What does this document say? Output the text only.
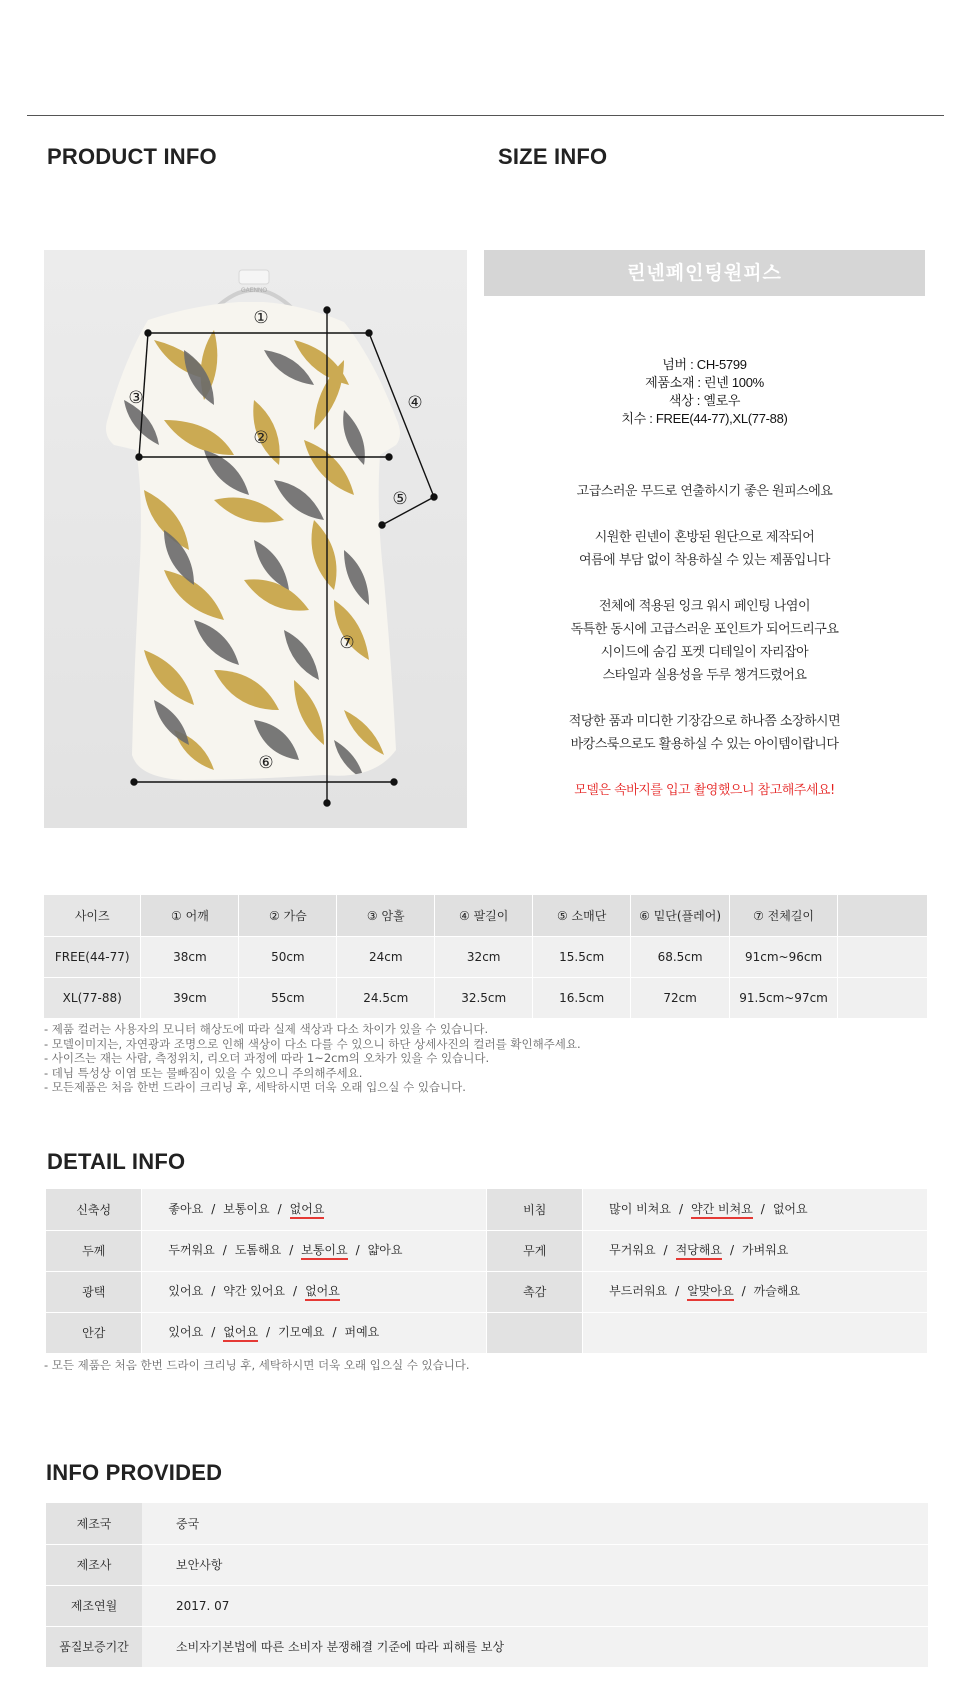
PRODUCT INFO	SIZE INFO
GAENNO
①
②
③	④
⑤
⑥
⑦
린넨페인팅원피스
넘버 : CH-5799
제품소재 : 린넨 100%
색상 : 옐로우
치수 : FREE(44-77),XL(77-88)

고급스러운 무드로 연출하시기 좋은 원피스에요

시원한 린넨이 혼방된 원단으로 제작되어

여름에 부담 없이 착용하실 수 있는 제품입니다

전체에 적용된 잉크 워시 페인팅 나염이

독특한 동시에 고급스러운 포인트가 되어드리구요

시이드에 숨김 포켓 디테일이 자리잡아

스타일과 실용성을 두루 챙겨드렸어요

적당한 품과 미디한 기장감으로 하나쯤 소장하시면

바캉스룩으로도 활용하실 수 있는 아이템이랍니다

모델은 속바지를 입고 촬영했으니 참고해주세요!

사이즈	① 어깨	② 가슴	③ 암홀	④ 팔길이	⑤ 소매단	⑥ 밑단(플레어)	⑦ 전체길이	
FREE(44-77)	38cm	50cm	24cm	32cm	15.5cm	68.5cm	91cm~96cm	
XL(77-88)	39cm	55cm	24.5cm	32.5cm	16.5cm	72cm	91.5cm~97cm	
- 제품 컬러는 사용자의 모니터 해상도에 따라 실제 색상과 다소 차이가 있을 수 있습니다.
- 모델이미지는, 자연광과 조명으로 인해 색상이 다소 다를 수 있으니 하단 상세사진의 컬러를 확인해주세요.
- 사이즈는 재는 사람, 측정위치, 리오더 과정에 따라 1~2cm의 오차가 있을 수 있습니다.
- 데님 특성상 이염 또는 물빠짐이 있을 수 있으니 주의해주세요.
- 모든제품은 처음 한번 드라이 크리닝 후, 세탁하시면 더욱 오래 입으실 수 있습니다.
DETAIL INFO
신축성	좋아요 / 보통이요 / 없어요	비침	많이 비쳐요 / 약간 비쳐요 / 없어요
두께	두꺼워요 / 도톰해요 / 보통이요 / 얇아요	무게	무거워요 / 적당해요 / 가벼워요
광택	있어요 / 약간 있어요 / 없어요	촉감	부드러워요 / 알맞아요 / 까슬해요
안감	있어요 / 없어요 / 기모예요 / 퍼예요		
- 모든 제품은 처음 한번 드라이 크리닝 후, 세탁하시면 더욱 오래 입으실 수 있습니다.
INFO PROVIDED
제조국	중국
제조사	보안사항
제조연월	2017. 07
품질보증기간	소비자기본법에 따른 소비자 분쟁해결 기준에 따라 피해를 보상
